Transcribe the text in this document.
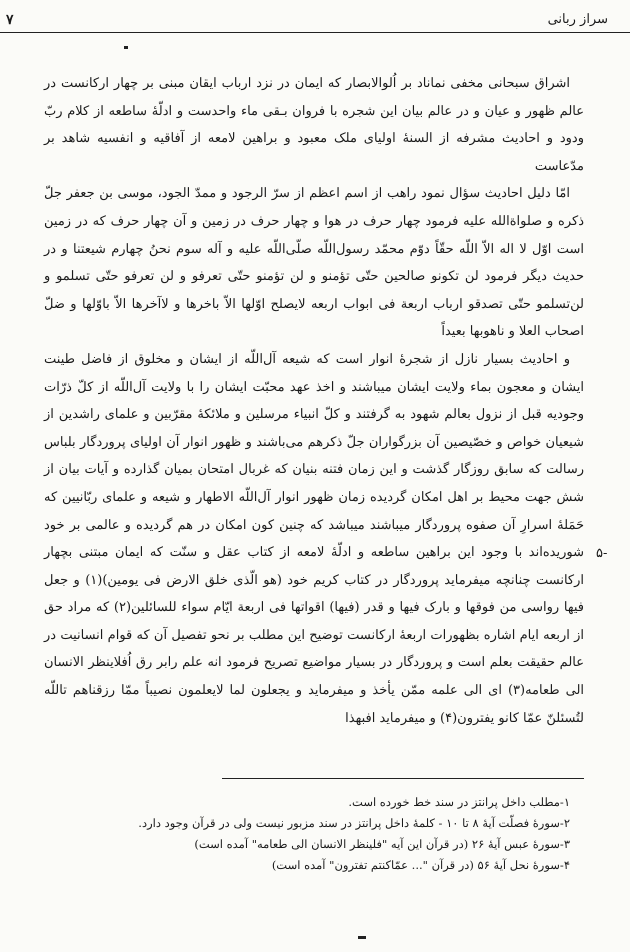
۷	سراز ربانی

اشراق سبحانی مخفی نماناد بر اُلوالابصار که ایمان در نزد ارباب ایقان مبنی بر چهار ارکانست در عالم ظهور و عیان و در عالم بیان این شجره با فروان بـقی ماء واحدست و ادلّهٔ ساطعه از کلام ربّ ودود و احادیث مشرفه از السنهٔ اولیای ملک معبود و براهین لامعه از آفاقیه و انفسیه شاهد بر مدّعاست

امّا دلیل احادیث سؤال نمود راهب از اسم اعظم از سرّ الرجود و ممدّ الجود، موسی بن جعفر جلّ ذکره و صلواةالله علیه فرمود چهار حرف در هوا و چهار حرف در زمین و آن چهار حرف که در زمین است اوّل لا اله الاّ اللّه حقّاً دوّم محمّد رسول‌اللّه صلّی‌اللّه علیه و آله سوم نحنُ چهارم شیعتنا و در حدیث دیگر فرمود لن تکونو صالحین حتّی تؤمنو و لن تؤمنو حتّی تعرفو و لن تعرفو حتّی تسلمو و لن‌تسلمو حتّی تصدقو ارباب اربعة فی ابواب اربعه لایصلح اوّلها الاّ باخرها و لاآخرها الاّ باوّلها و ضلّ اصحاب العلا و ناهوبها بعیداً

و احادیث بسیار نازل از شجرهٔ انوار است که شیعه آل‌اللّه از ایشان و مخلوق از فاضل طینت ایشان و معجون بماء ولایت ایشان میباشند و اخذ عهد محبّت ایشان را با ولایت آل‌اللّه از کلّ ذرّات وجودیه قبل از نزول بعالم شهود به گرفتند و کلّ انبیاء مرسلین و ملائکهٔ مقرّبین و علمای راشدین از شیعیان خواص و خصّیصین آن بزرگواران جلّ ذکرهم می‌باشند و ظهور انوار آن اولیای پروردگار بلباس رسالت که سابق روزگار گذشت و این زمان فتنه بنیان که غربال امتحان بمیان گذارده و آیات بیان از شش جهت محیط بر اهل امکان گردیده زمان ظهور انوار آل‌اللّه الاطهار و شیعه و علمای ربّانیین که حَمَلهٔ اسرارِ آن صفوه پروردگار میباشند میباشد که چنین کون امکان در هم گردیده و عالمی بر خود شوریده‌اند با وجود این براهین ساطعه و ادلّهٔ لامعه از کتاب عقل و سنّت که ایمان مبتنی بچهار ارکانست چنانچه میفرماید پروردگار در کتاب کریم خود (هو الّذی خلق الارض فی یومین)(۱) و جعل فیها رواسی من فوقها و بارک فیها و قدر (فیها) اقواتها فی اربعة ایّام سواء للسائلین(۲) که مراد حق از اربعه ایام اشاره بظهورات اربعهٔ ارکانست توضیح این مطلب بر نحو تفصیل آن که قوام انسانیت در عالم حقیقت بعلم است و پروردگار در بسیار مواضیع تصریح فرمود انه علم رابر رق اُفلاینظر الانسان الی طعامه(۳) ای الی علمه ممّن یأخذ و میفرماید و یجعلون لما لایعلمون نصیباً ممّا رزقناهم تاللّه لتُسئلنّ عمّا کانو یفترون(۴) و میفرماید افبهذا

-۵
۱-مطلب داخل پرانتز در سند خط خورده است.
۲-سورهٔ فصلّت آیهٔ ۸ تا ۱۰ - کلمهٔ داخل پرانتز در سند مزبور نیست ولی در قرآن وجود دارد.
۳-سورهٔ عبس آیهٔ ۲۶ (در قرآن این آیه "فلینظر الانسان الی طعامه" آمده است)
۴-سورهٔ نحل آیهٔ ۵۶ (در قرآن "... عمّاکنتم تفترون" آمده است)
